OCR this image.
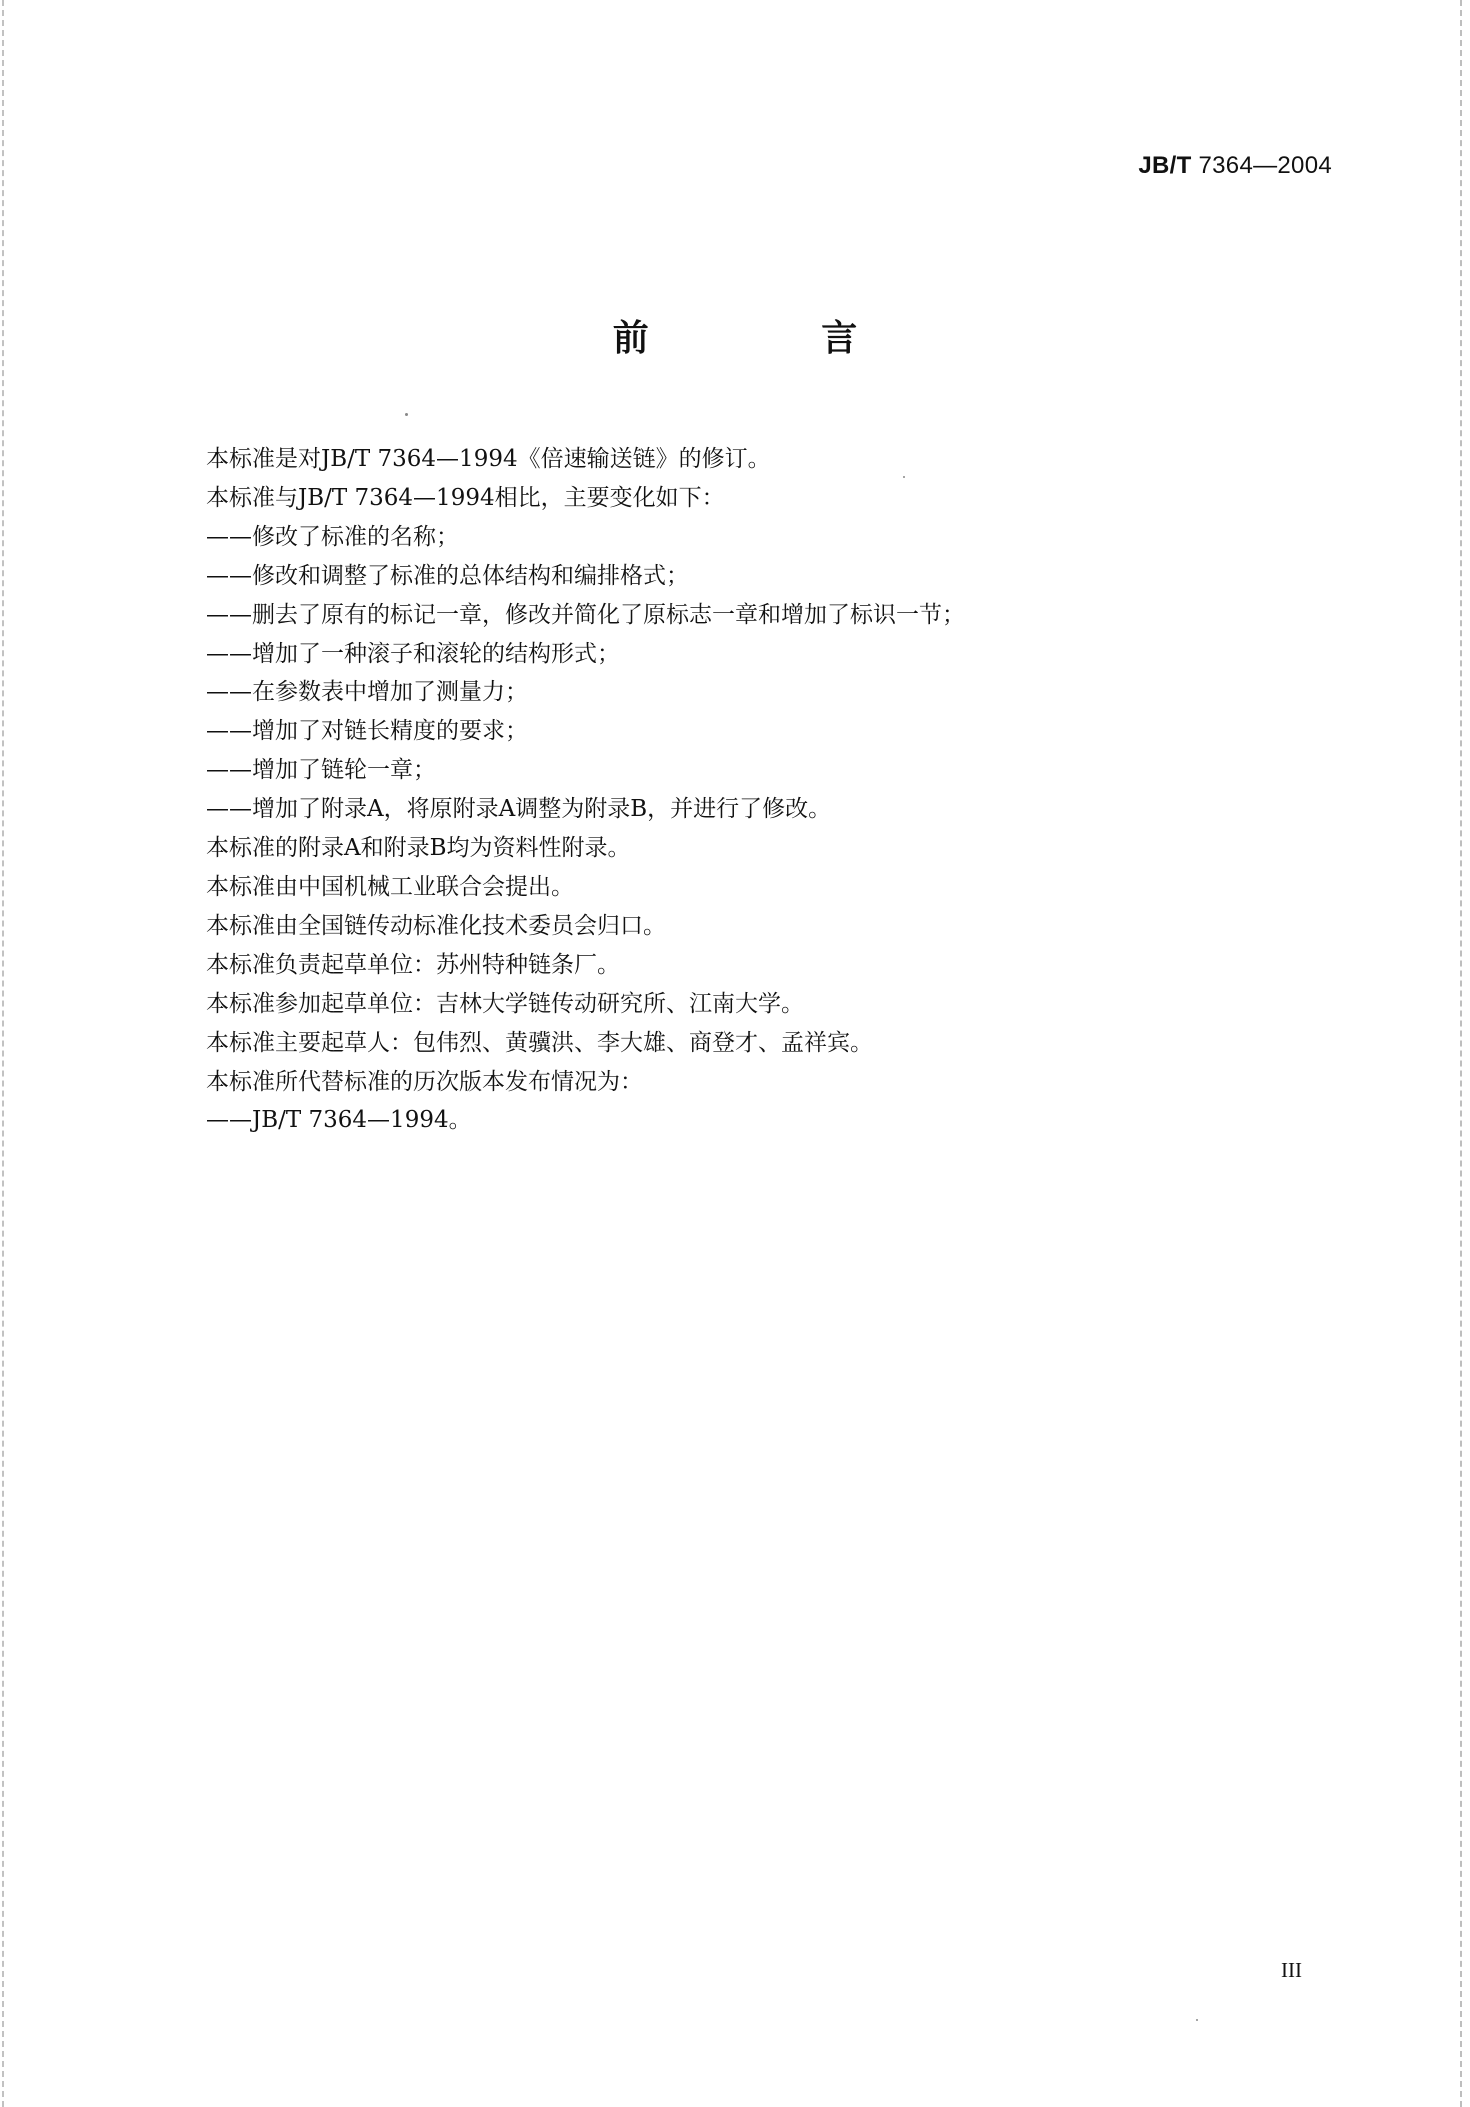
JB/T 7364—2004
前 言
本标准是对JB/T 7364—1994《倍速输送链》的修订。
本标准与JB/T 7364—1994相比，主要变化如下：
——修改了标准的名称；
——修改和调整了标准的总体结构和编排格式；
——删去了原有的标记一章，修改并简化了原标志一章和增加了标识一节；
——增加了一种滚子和滚轮的结构形式；
——在参数表中增加了测量力；
——增加了对链长精度的要求；
——增加了链轮一章；
——增加了附录A，将原附录A调整为附录B，并进行了修改。
本标准的附录A和附录B均为资料性附录。
本标准由中国机械工业联合会提出。
本标准由全国链传动标准化技术委员会归口。
本标准负责起草单位：苏州特种链条厂。
本标准参加起草单位：吉林大学链传动研究所、江南大学。
本标准主要起草人：包伟烈、黄骥洪、李大雄、商登才、孟祥宾。
本标准所代替标准的历次版本发布情况为：
——JB/T 7364—1994。
III
